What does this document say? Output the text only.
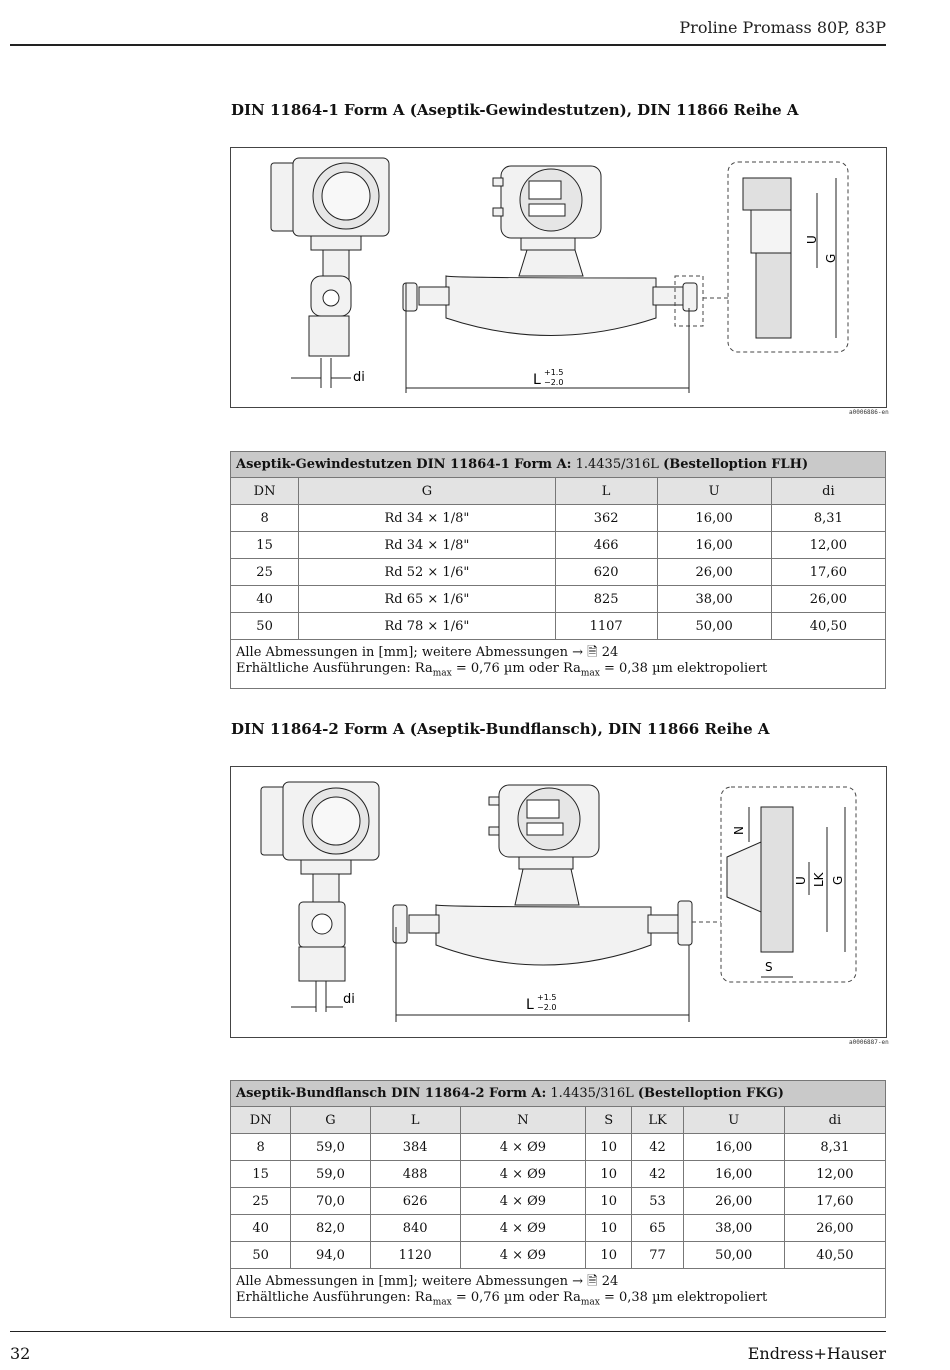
Proline Promass 80P, 83P
DIN 11864-1 Form A (Aseptik-Gewindestutzen), DIN 11866 Reihe A
di	L +1.5
−2.0
U
G
a0006886-en
Aseptik-Gewindestutzen DIN 11864-1 Form A: 1.4435/316L (Bestelloption FLH)				
DN	G	L	U	di
8	Rd 34 × 1/8"	362	16,00	8,31
15	Rd 34 × 1/8"	466	16,00	12,00
25	Rd 52 × 1/6"	620	26,00	17,60
40	Rd 65 × 1/6"	825	38,00	26,00
50	Rd 78 × 1/6"	1107	50,00	40,50
Alle Abmessungen in [mm]; weitere Abmessungen → 🗎 24
Erhältliche Ausführungen: $Ra_{max} = 0,76$ µm oder $Ra_{max} = 0,38$ µm elektropoliert				
DIN 11864-2 Form A (Aseptik-Bundflansch), DIN 11866 Reihe A
di	L +1.5
−2.0
N
U LK G
S
a0006887-en
Aseptik-Bundflansch DIN 11864-2 Form A: 1.4435/316L (Bestelloption FKG)							
DN	G	L	N	S	LK	U	di
8	59,0	384	4 × Ø9	10	42	16,00	8,31
15	59,0	488	4 × Ø9	10	42	16,00	12,00
25	70,0	626	4 × Ø9	10	53	26,00	17,60
40	82,0	840	4 × Ø9	10	65	38,00	26,00
50	94,0	1120	4 × Ø9	10	77	50,00	40,50
Alle Abmessungen in [mm]; weitere Abmessungen → 🗎 24
Erhältliche Ausführungen: $Ra_{max} = 0,76$ µm oder $Ra_{max} = 0,38$ µm elektropoliert							
32	Endress+Hauser
